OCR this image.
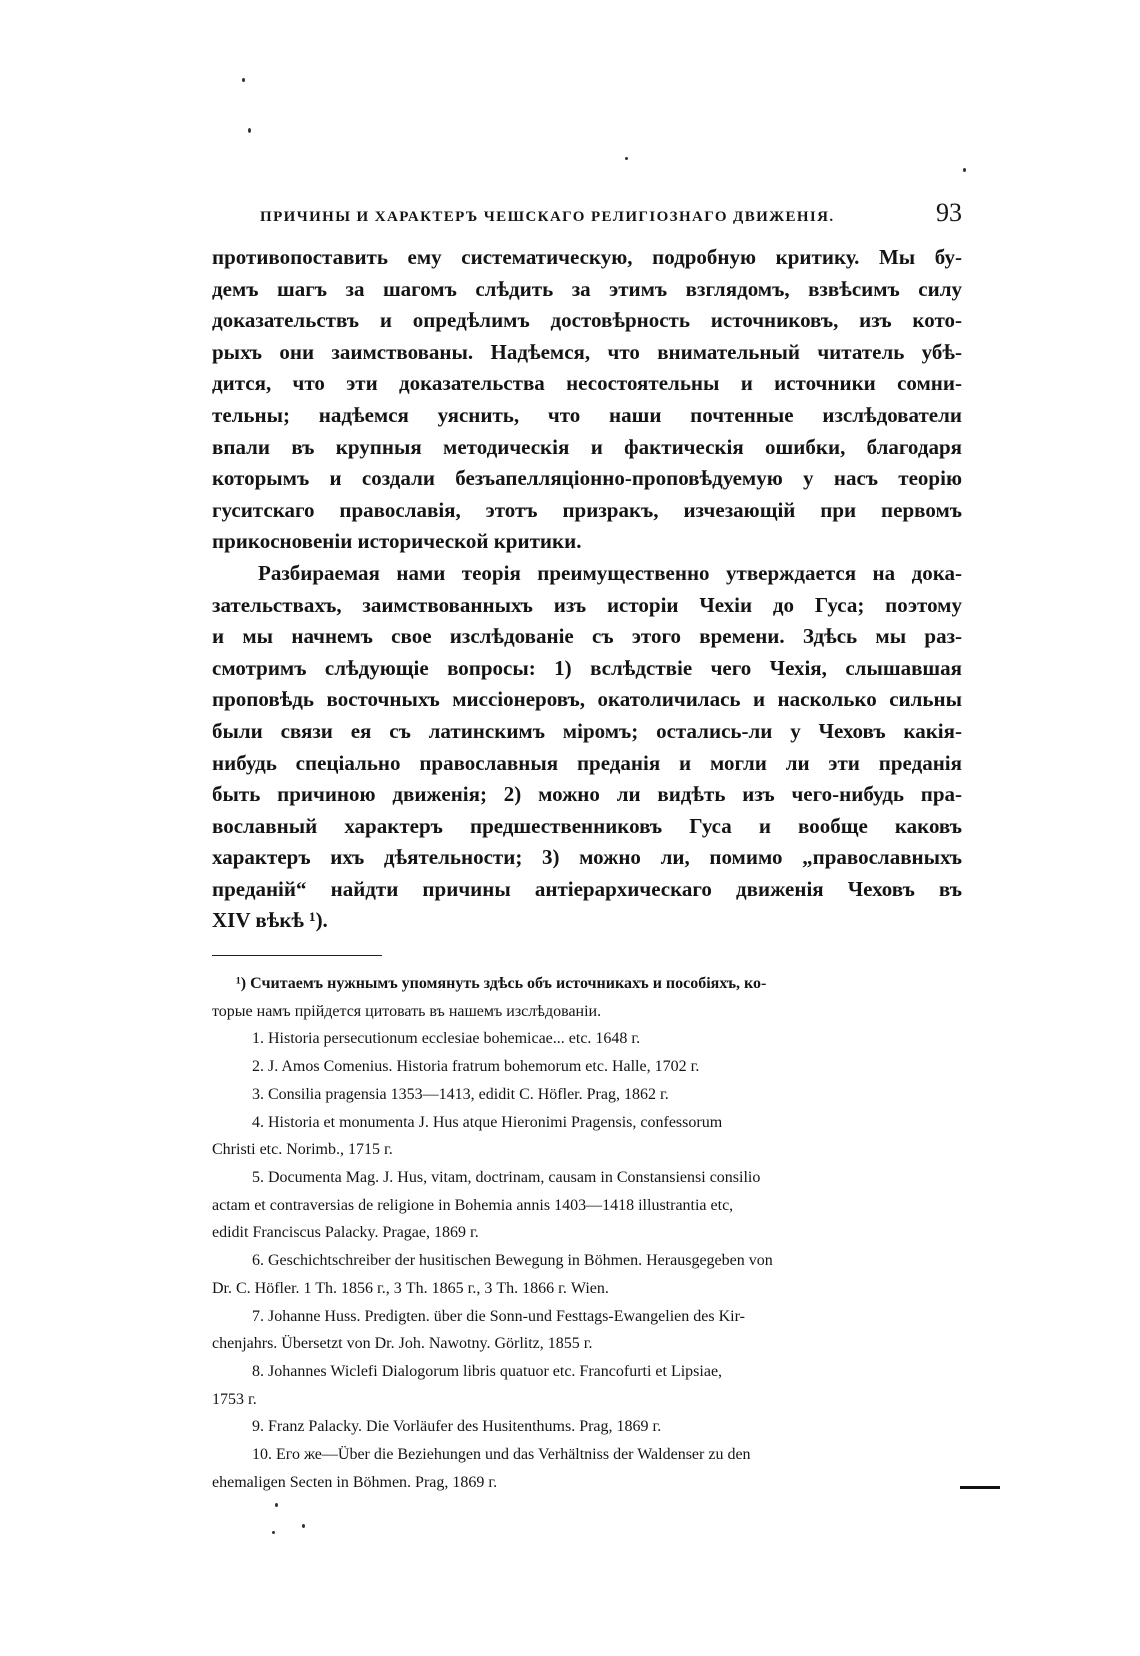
ПРИЧИНЫ И ХАРАКТЕРЪ ЧЕШСКАГО РЕЛИГIОЗНАГО ДВИЖЕНIЯ.	93

противопоставить ему систематическую, подробную критику. Мы бу-

демъ шагъ за шагомъ слѣдить за этимъ взглядомъ, взвѣсимъ силу

доказательствъ и опредѣлимъ достовѣрность источниковъ, изъ кото-

рыхъ они заимствованы. Надѣемся, что внимательный читатель убѣ-

дится, что эти доказательства несостоятельны и источники сомни-

тельны; надѣемся уяснить, что наши почтенные изслѣдователи

впали въ крупныя методическiя и фактическiя ошибки, благодаря

которымъ и создали безъапелляцiонно-проповѣдуемую у насъ теорiю

гуситскаго православiя, этотъ призракъ, изчезающiй при первомъ

прикосновенiи исторической критики.

Разбираемая нами теорiя преимущественно утверждается на дока-

зательствахъ, заимствованныхъ изъ исторiи Чехiи до Гуса; поэтому

и мы начнемъ свое изслѣдованiе съ этого времени. Здѣсь мы раз-

смотримъ слѣдующiе вопросы: 1) вслѣдствiе чего Чехiя, слышавшая

проповѣдь восточныхъ миссiонеровъ, окатоличилась и насколько сильны

были связи ея съ латинскимъ мiромъ; остались-ли у Чеховъ какiя-

нибудь спецiально православныя преданiя и могли ли эти преданiя

быть причиною движенiя; 2) можно ли видѣть изъ чего-нибудь пра-

вославный характеръ предшественниковъ Гуса и вообще каковъ

характеръ ихъ дѣятельности; 3) можно ли, помимо „православныхъ

преданiй“ найдти причины антiерархическаго движенiя Чеховъ въ

XIV вѣкѣ ¹).

¹) Считаемъ нужнымъ упомянуть здѣсь объ источникахъ и пособiяхъ, ко-

торые намъ прiйдется цитовать въ нашемъ изслѣдованiи.

1. Historia persecutionum ecclesiae bohemicae... etc. 1648 г.

2. J. Amos Comenius. Historia fratrum bohemorum etc. Halle, 1702 г.

3. Consilia pragensia 1353—1413, edidit C. Höfler. Prag, 1862 г.

4. Historia et monumenta J. Hus atque Hieronimi Pragensis, confessorum

Christi etc. Norimb., 1715 г.

5. Documenta Mag. J. Hus, vitam, doctrinam, causam in Constansiensi consilio

actam et contraversias de religione in Bohemia annis 1403—1418 illustrantia etc,

edidit Franciscus Palacky. Pragae, 1869 г.

6. Geschichtschreiber der husitischen Bewegung in Böhmen. Herausgegeben von

Dr. C. Höfler. 1 Th. 1856 г., 3 Th. 1865 г., 3 Th. 1866 г. Wien.

7. Johanne Huss. Predigten. über die Sonn-und Festtags-Ewangelien des Kir-

chenjahrs. Übersetzt von Dr. Joh. Nawotny. Görlitz, 1855 г.

8. Johannes Wiclefi Dialogorum libris quatuor etc. Francofurti et Lipsiae,

1753 г.

9. Franz Palacky. Die Vorläufer des Husitenthums. Prag, 1869 г.

10. Его же—Über die Beziehungen und das Verhältniss der Waldenser zu den

ehemaligen Secten in Böhmen. Prag, 1869 г.
